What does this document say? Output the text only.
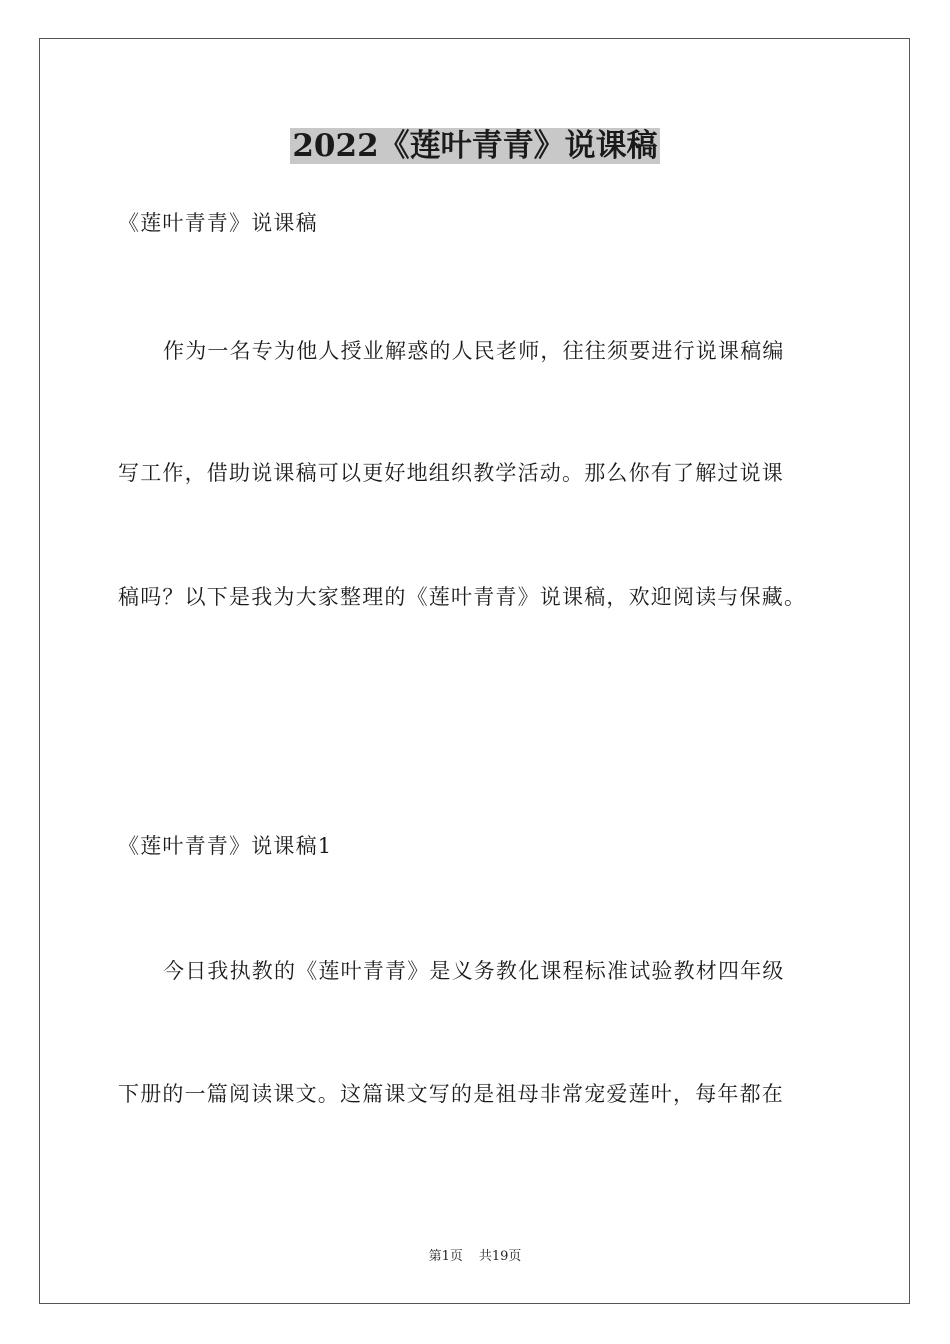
2022《莲叶青青》说课稿
《莲叶青青》说课稿
作为一名专为他人授业解惑的人民老师，往往须要进行说课稿编
写工作，借助说课稿可以更好地组织教学活动。那么你有了解过说课
稿吗？以下是我为大家整理的《莲叶青青》说课稿，欢迎阅读与保藏。
《莲叶青青》说课稿1
今日我执教的《莲叶青青》是义务教化课程标准试验教材四年级
下册的一篇阅读课文。这篇课文写的是祖母非常宠爱莲叶，每年都在
第1页 共19页
